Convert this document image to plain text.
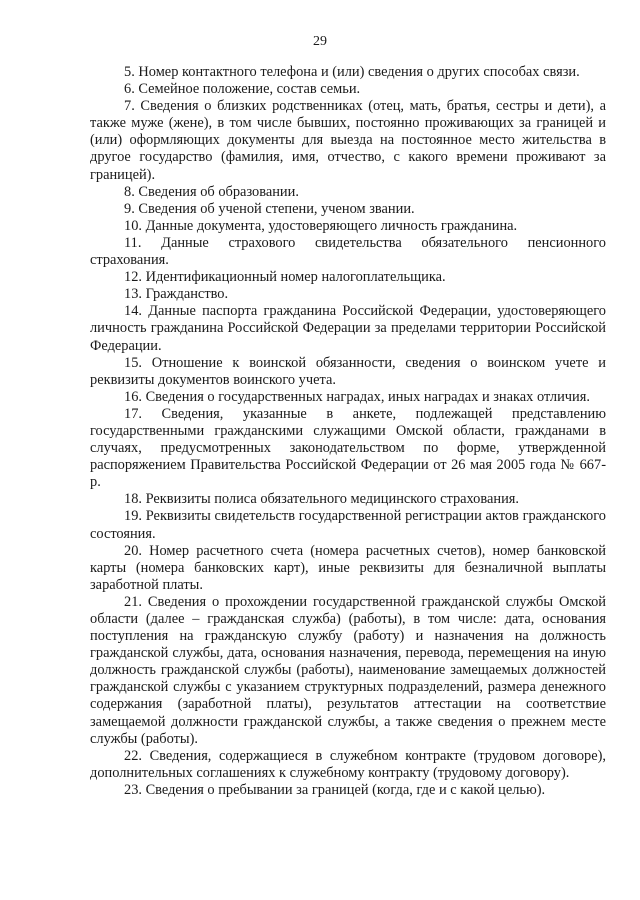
29

5. Номер контактного телефона и (или) сведения о других способах связи.

6. Семейное положение, состав семьи.

7. Сведения о близких родственниках (отец, мать, братья, сестры и дети), а также муже (жене), в том числе бывших, постоянно проживающих за границей и (или) оформляющих документы для выезда на постоянное место жительства в другое государство (фамилия, имя, отчество, с какого времени проживают за границей).

8. Сведения об образовании.

9. Сведения об ученой степени, ученом звании.

10. Данные документа, удостоверяющего личность гражданина.

11. Данные страхового свидетельства обязательного пенсионного страхования.

12. Идентификационный номер налогоплательщика.

13. Гражданство.

14. Данные паспорта гражданина Российской Федерации, удостоверяющего личность гражданина Российской Федерации за пределами территории Российской Федерации.

15. Отношение к воинской обязанности, сведения о воинском учете и реквизиты документов воинского учета.

16. Сведения о государственных наградах, иных наградах и знаках отличия.

17. Сведения, указанные в анкете, подлежащей представлению государственными гражданскими служащими Омской области, гражданами в случаях, предусмотренных законодательством по форме, утвержденной распоряжением Правительства Российской Федерации от 26 мая 2005 года № 667-р.

18. Реквизиты полиса обязательного медицинского страхования.

19. Реквизиты свидетельств государственной регистрации актов гражданского состояния.

20. Номер расчетного счета (номера расчетных счетов), номер банковской карты (номера банковских карт), иные реквизиты для безналичной выплаты заработной платы.

21. Сведения о прохождении государственной гражданской службы Омской области (далее – гражданская служба) (работы), в том числе: дата, основания поступления на гражданскую службу (работу) и назначения на должность гражданской службы, дата, основания назначения, перевода, перемещения на иную должность гражданской службы (работы), наименование замещаемых должностей гражданской службы с указанием структурных подразделений, размера денежного содержания (заработной платы), результатов аттестации на соответствие замещаемой должности гражданской службы, а также сведения о прежнем месте службы (работы).

22. Сведения, содержащиеся в служебном контракте (трудовом договоре), дополнительных соглашениях к служебному контракту (трудовому договору).

23. Сведения о пребывании за границей (когда, где и с какой целью).
